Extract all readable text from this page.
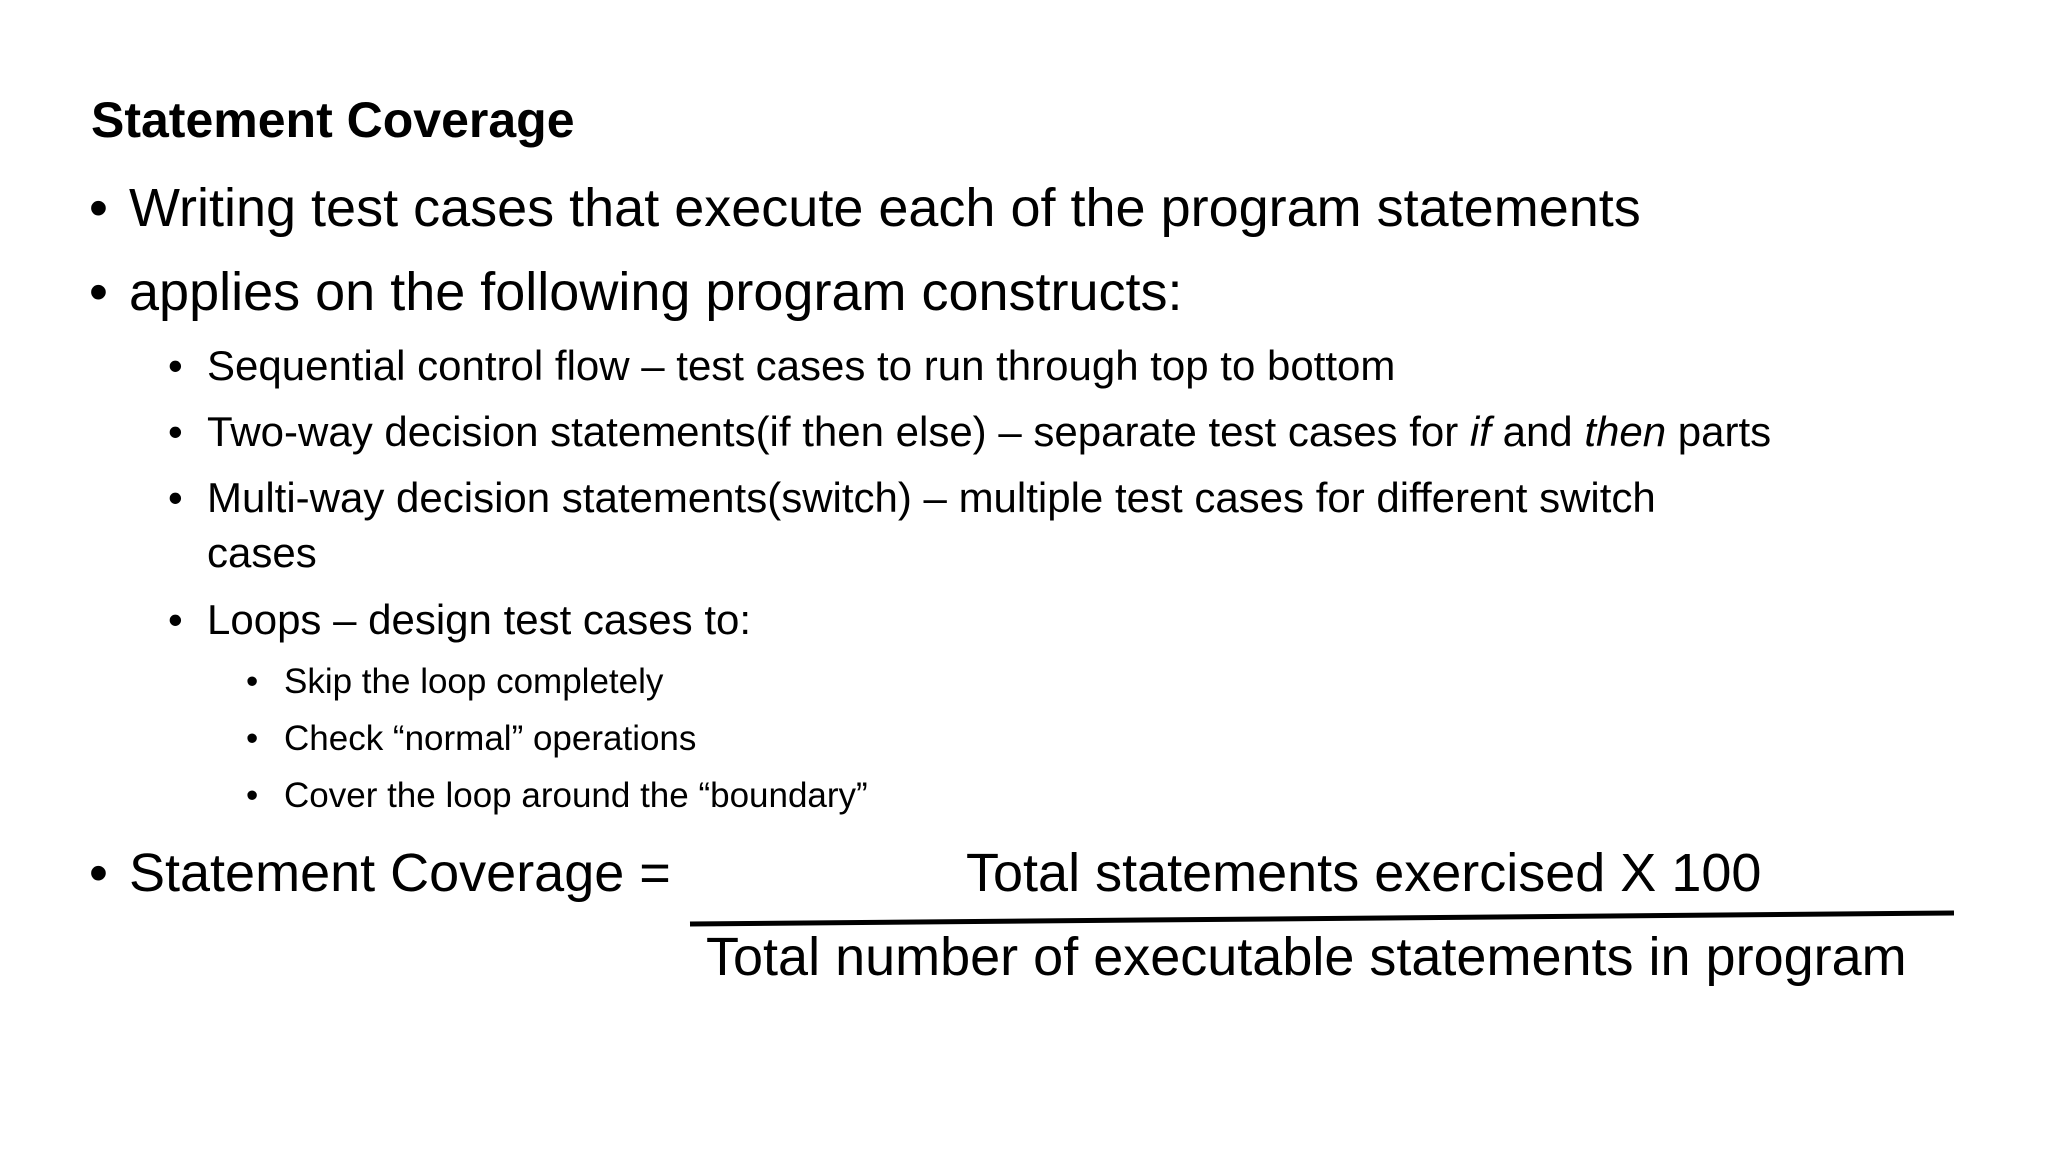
Statement Coverage
• Writing test cases that execute each of the program statements
• applies on the following program constructs:
• Sequential control flow – test cases to run through top to bottom
• Two-way decision statements(if then else) – separate test cases for if and then parts
• Multi-way decision statements(switch) – multiple test cases for different switch
cases
• Loops – design test cases to:
• Skip the loop completely
• Check “normal” operations
• Cover the loop around the “boundary”
• Statement Coverage =	Total statements exercised X 100
Total number of executable statements in program
